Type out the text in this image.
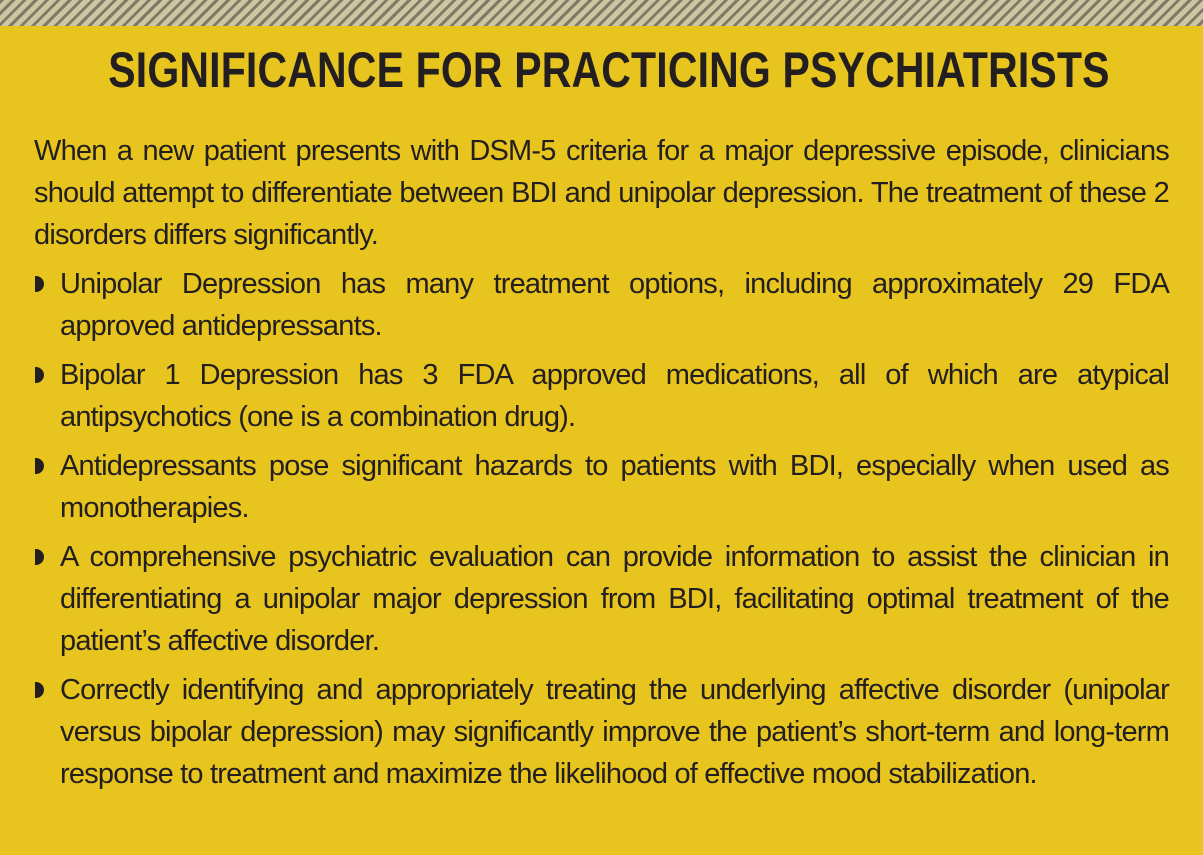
SIGNIFICANCE FOR PRACTICING PSYCHIATRISTS

When a new patient presents with DSM-5 criteria for a major depressive episode, clinicians should attempt to differentiate between BDI and unipolar depression. The treatment of these 2 disorders differs significantly.

Unipolar Depression has many treatment options, including approximately 29 FDA approved antidepressants.
Bipolar 1 Depression has 3 FDA approved medications, all of which are atypical antipsychotics (one is a combination drug).
Antidepressants pose significant hazards to patients with BDI, especially when used as monotherapies.
A comprehensive psychiatric evaluation can provide information to assist the clinician in differentiating a unipolar major depression from BDI, facilitating optimal treatment of the patient’s affective disorder.
Correctly identifying and appropriately treating the underlying affective disorder (unipolar versus bipolar depression) may significantly improve the patient’s short-term and long-term response to treatment and maximize the likelihood of effective mood stabilization.
